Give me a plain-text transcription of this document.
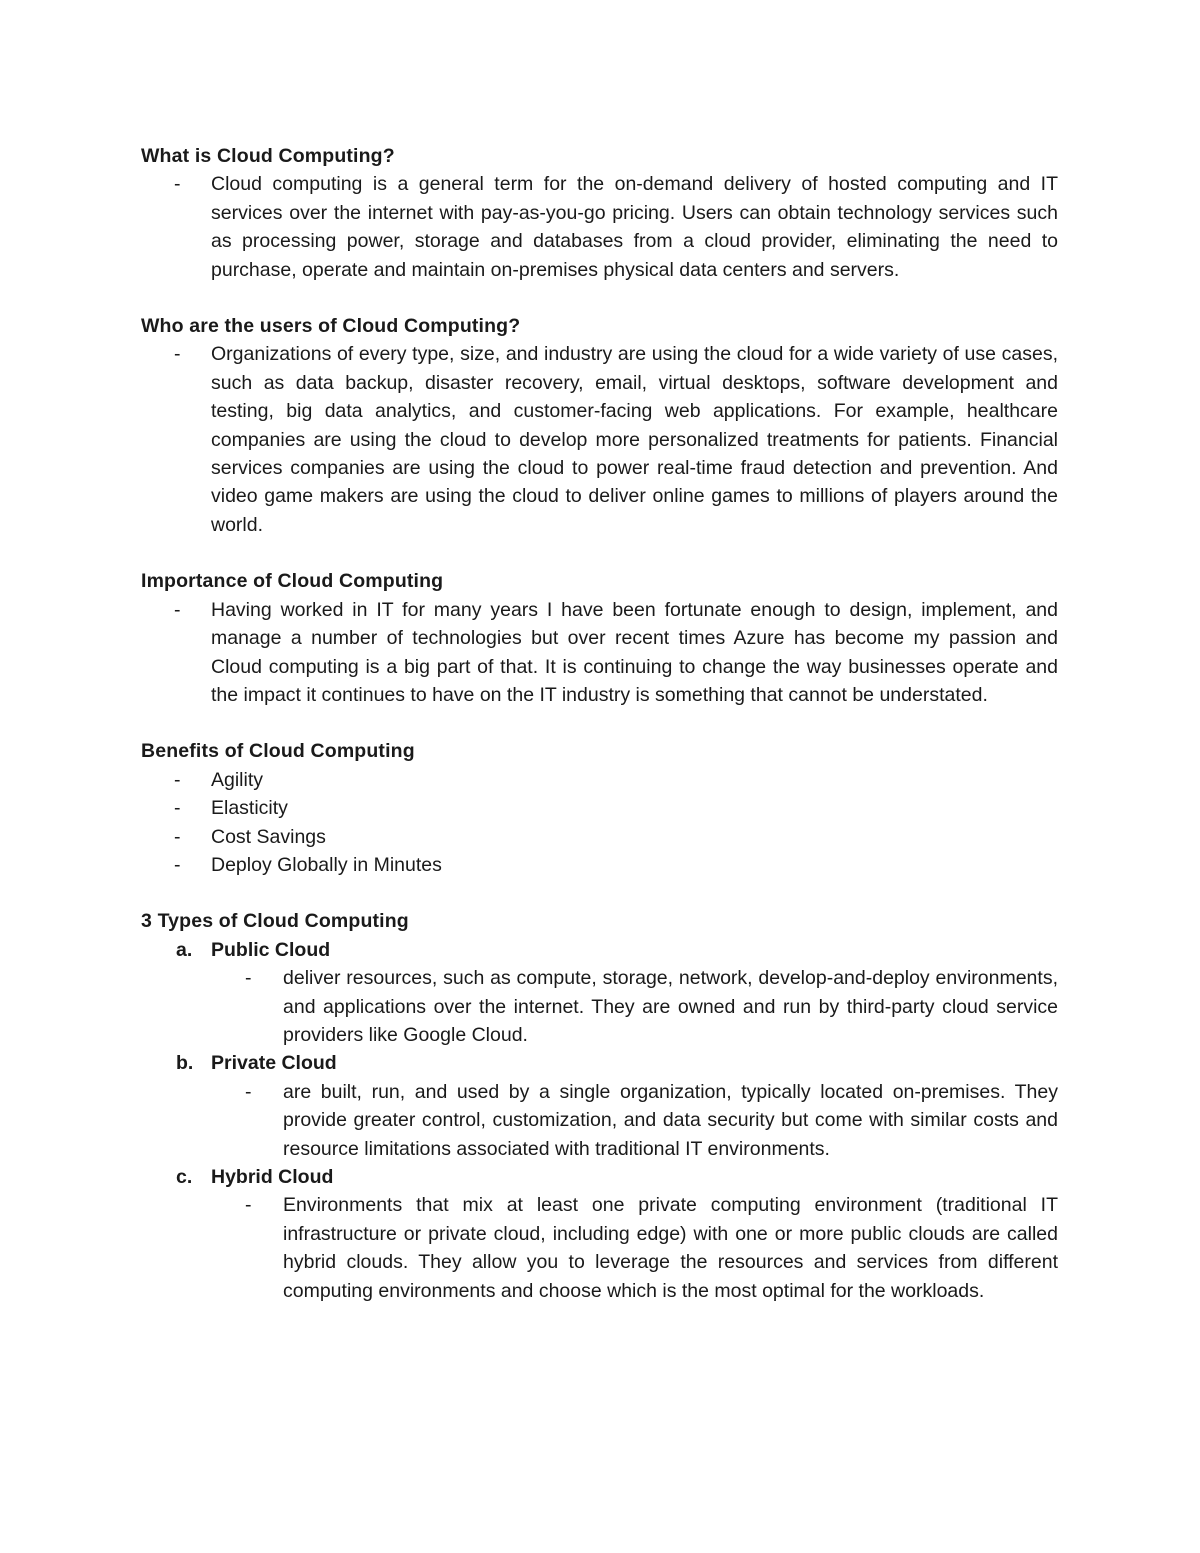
What is Cloud Computing?

- Cloud computing is a general term for the on-demand delivery of hosted computing and IT services over the internet with pay-as-you-go pricing. Users can obtain technology services such as processing power, storage and databases from a cloud provider, eliminating the need to purchase, operate and maintain on-premises physical data centers and servers.

Who are the users of Cloud Computing?

- Organizations of every type, size, and industry are using the cloud for a wide variety of use cases, such as data backup, disaster recovery, email, virtual desktops, software development and testing, big data analytics, and customer-facing web applications. For example, healthcare companies are using the cloud to develop more personalized treatments for patients. Financial services companies are using the cloud to power real-time fraud detection and prevention. And video game makers are using the cloud to deliver online games to millions of players around the world.

Importance of Cloud Computing

- Having worked in IT for many years I have been fortunate enough to design, implement, and manage a number of technologies but over recent times Azure has become my passion and Cloud computing is a big part of that. It is continuing to change the way businesses operate and the impact it continues to have on the IT industry is something that cannot be understated.

Benefits of Cloud Computing

- Agility
- Elasticity
- Cost Savings
- Deploy Globally in Minutes

3 Types of Cloud Computing

a. Public Cloud

- deliver resources, such as compute, storage, network, develop-and-deploy environments, and applications over the internet. They are owned and run by third-party cloud service providers like Google Cloud.
b. Private Cloud

- are built, run, and used by a single organization, typically located on-premises. They provide greater control, customization, and data security but come with similar costs and resource limitations associated with traditional IT environments.
c. Hybrid Cloud

- Environments that mix at least one private computing environment (traditional IT infrastructure or private cloud, including edge) with one or more public clouds are called hybrid clouds. They allow you to leverage the resources and services from different computing environments and choose which is the most optimal for the workloads.
